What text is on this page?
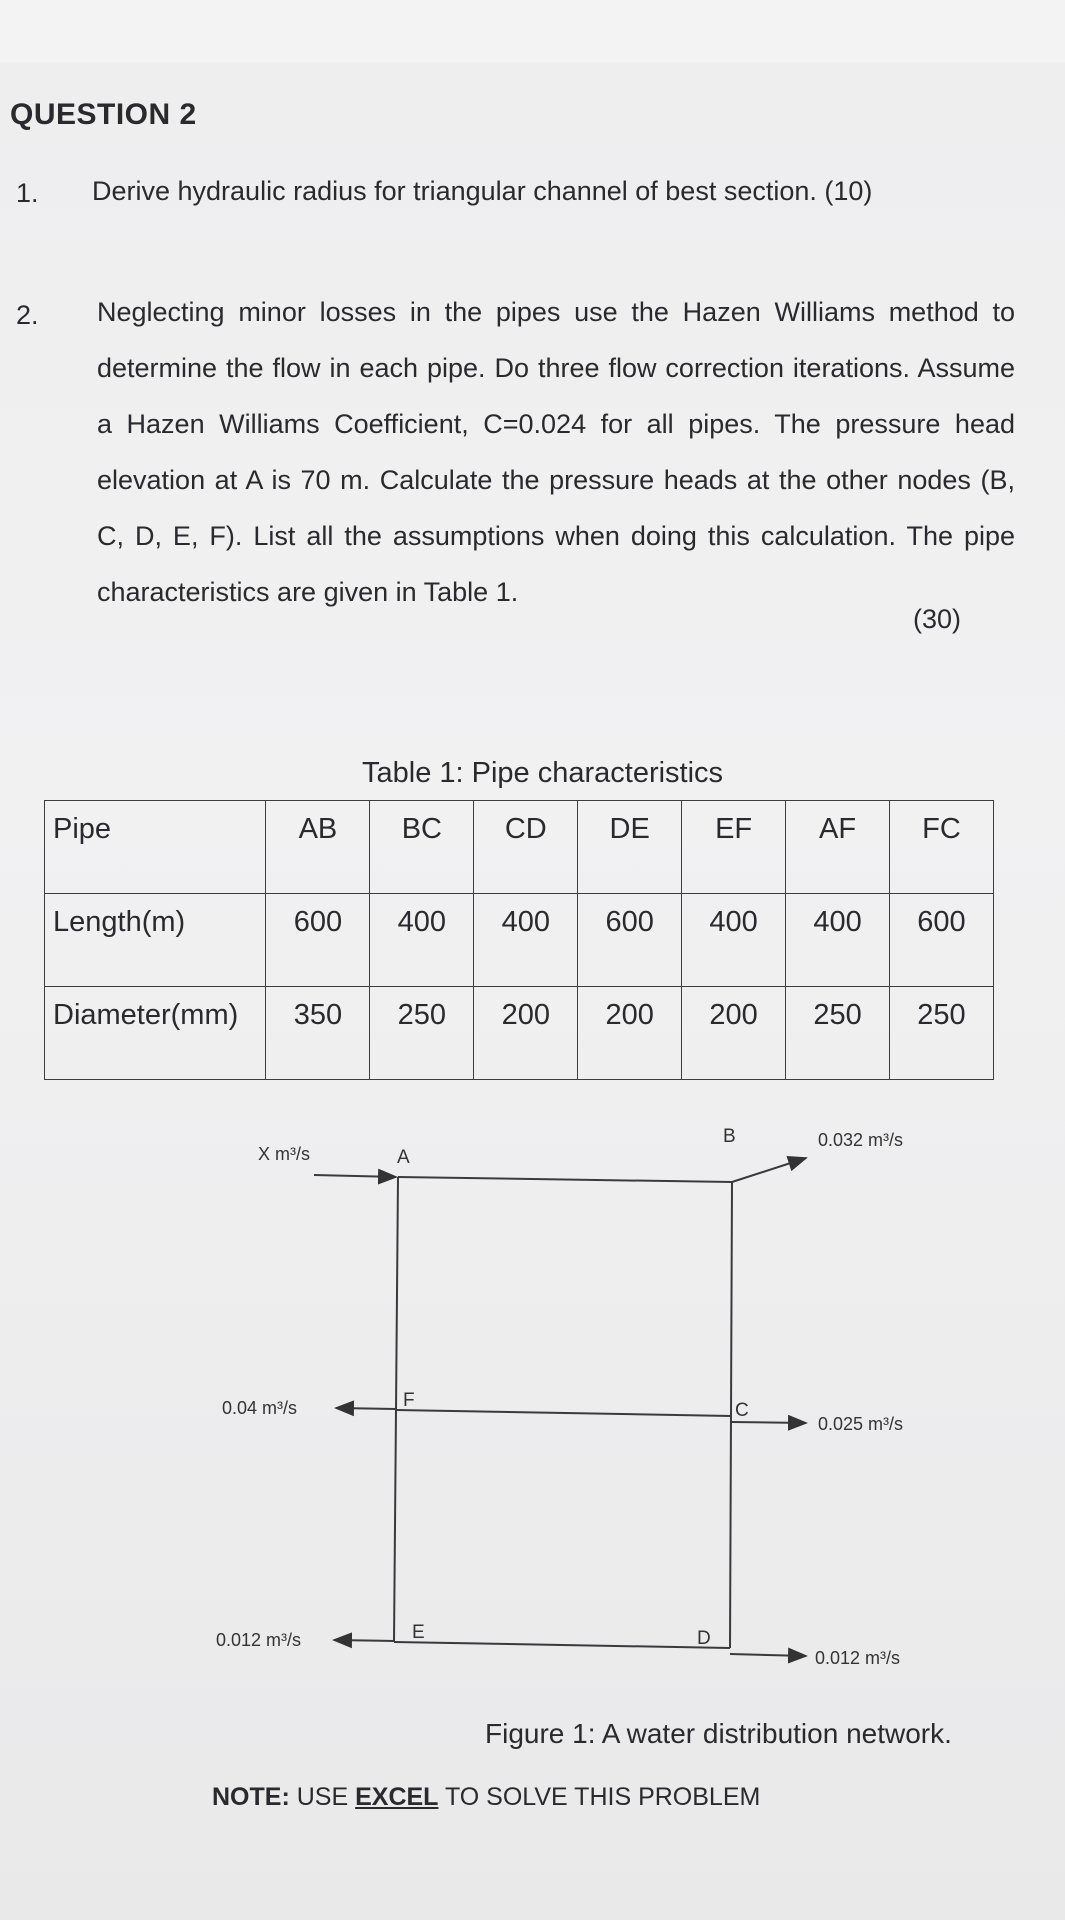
QUESTION 2
1. Derive hydraulic radius for triangular channel of best section. (10)
2. Neglecting minor losses in the pipes use the Hazen Williams method to determine the flow in each pipe. Do three flow correction iterations. Assume a Hazen Williams Coefficient, C=0.024 for all pipes. The pressure head elevation at A is 70 m. Calculate the pressure heads at the other nodes (B, C, D, E, F). List all the assumptions when doing this calculation. The pipe characteristics are given in Table 1.
(30)
Table 1: Pipe characteristics
Pipe	AB	BC	CD	DE	EF	AF	FC
Length(m)	600	400	400	600	400	400	600
Diameter(mm)	350	250	200	200	200	250	250
A
B
C
D
E
F
X m³/s
0.032 m³/s
0.04 m³/s
0.025 m³/s
0.012 m³/s
0.012 m³/s
Figure 1: A water distribution network.
NOTE: USE EXCEL TO SOLVE THIS PROBLEM
